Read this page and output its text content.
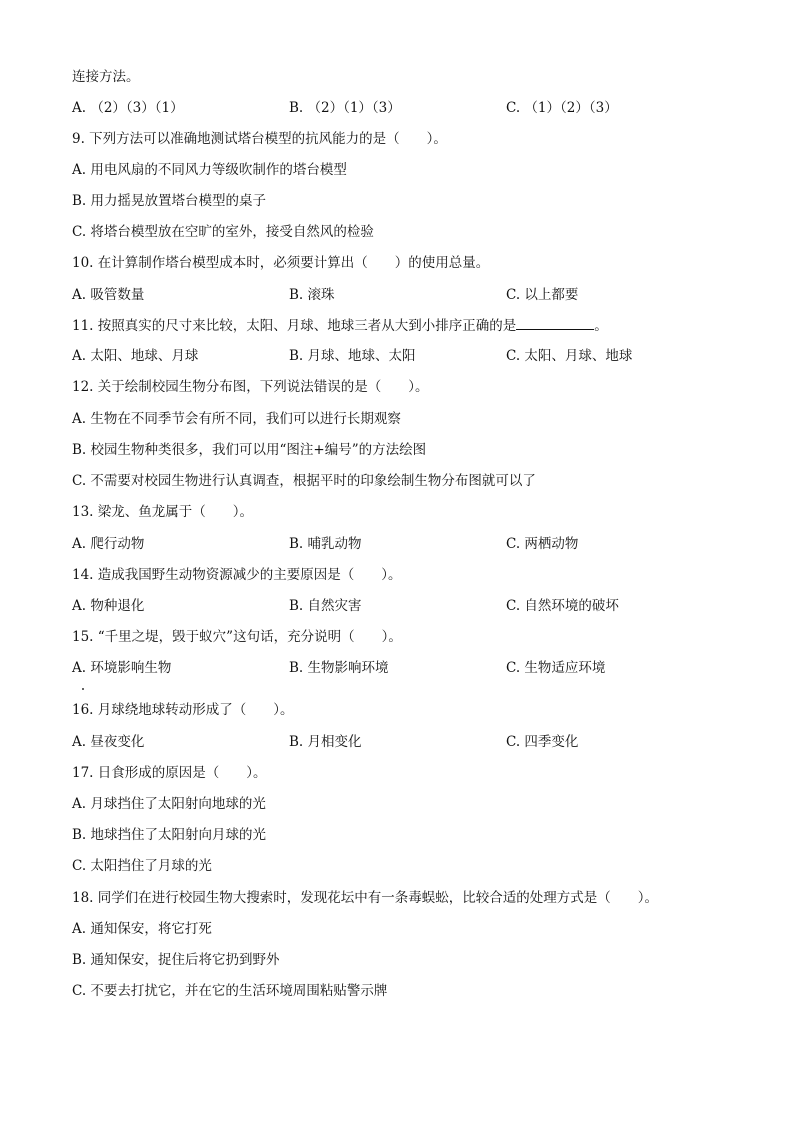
连接方法。
A. （2）（3）（1）	B. （2）（1）（3）	C. （1）（2）（3）
9. 下列方法可以准确地测试塔台模型的抗风能力的是（　　）。
A. 用电风扇的不同风力等级吹制作的塔台模型
B. 用力摇晃放置塔台模型的桌子
C. 将塔台模型放在空旷的室外，接受自然风的检验
10. 在计算制作塔台模型成本时，必须要计算出（　　）的使用总量。
A. 吸管数量	B. 滚珠	C. 以上都要
11. 按照真实的尺寸来比较，太阳、月球、地球三者从大到小排序正确的是	。
A. 太阳、地球、月球	B. 月球、地球、太阳	C. 太阳、月球、地球
12. 关于绘制校园生物分布图，下列说法错误的是（　　）。
A. 生物在不同季节会有所不同，我们可以进行长期观察
B. 校园生物种类很多，我们可以用“图注+编号”的方法绘图
C. 不需要对校园生物进行认真调查，根据平时的印象绘制生物分布图就可以了
13. 梁龙、鱼龙属于（　　）。
A. 爬行动物	B. 哺乳动物	C. 两栖动物
14. 造成我国野生动物资源减少的主要原因是（　　）。
A. 物种退化	B. 自然灾害	C. 自然环境的破坏
15. “千里之堤，毁于蚁穴”这句话，充分说明（　　）。
A. 环境影响生物	B. 生物影响环境	C. 生物适应环境
16. 月球绕地球转动形成了（　　）。
A. 昼夜变化	B. 月相变化	C. 四季变化
17. 日食形成的原因是（　　）。
A. 月球挡住了太阳射向地球的光
B. 地球挡住了太阳射向月球的光
C. 太阳挡住了月球的光
18. 同学们在进行校园生物大搜索时，发现花坛中有一条毒蜈蚣，比较合适的处理方式是（　　）。
A. 通知保安，将它打死
B. 通知保安，捉住后将它扔到野外
C. 不要去打扰它，并在它的生活环境周围粘贴警示牌
